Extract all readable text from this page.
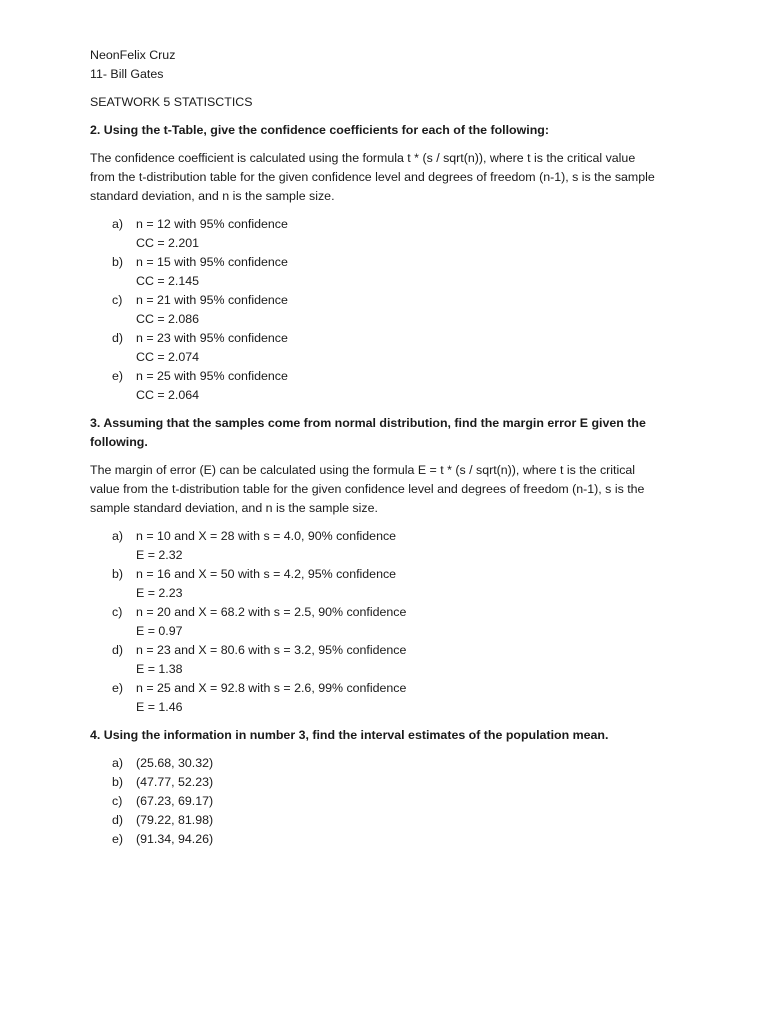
NeonFelix Cruz

11- Bill Gates

SEATWORK 5 STATISCTICS

2. Using the t-Table, give the confidence coefficients for each of the following:

The confidence coefficient is calculated using the formula t * (s / sqrt(n)), where t is the critical value
from the t-distribution table for the given confidence level and degrees of freedom (n-1), s is the sample
standard deviation, and n is the sample size.

a) n = 12 with 95% confidence
CC = 2.201
b) n = 15 with 95% confidence
CC = 2.145
c) n = 21 with 95% confidence
CC = 2.086
d) n = 23 with 95% confidence
CC = 2.074
e) n = 25 with 95% confidence
CC = 2.064

3. Assuming that the samples come from normal distribution, find the margin error E given the
following.

The margin of error (E) can be calculated using the formula E = t * (s / sqrt(n)), where t is the critical
value from the t-distribution table for the given confidence level and degrees of freedom (n-1), s is the
sample standard deviation, and n is the sample size.

a) n = 10 and X = 28 with s = 4.0, 90% confidence
E = 2.32
b) n = 16 and X = 50 with s = 4.2, 95% confidence
E = 2.23
c) n = 20 and X = 68.2 with s = 2.5, 90% confidence
E = 0.97
d) n = 23 and X = 80.6 with s = 3.2, 95% confidence
E = 1.38
e) n = 25 and X = 92.8 with s = 2.6, 99% confidence
E = 1.46

4. Using the information in number 3, find the interval estimates of the population mean.

a) (25.68, 30.32)
b) (47.77, 52.23)
c) (67.23, 69.17)
d) (79.22, 81.98)
e) (91.34, 94.26)
